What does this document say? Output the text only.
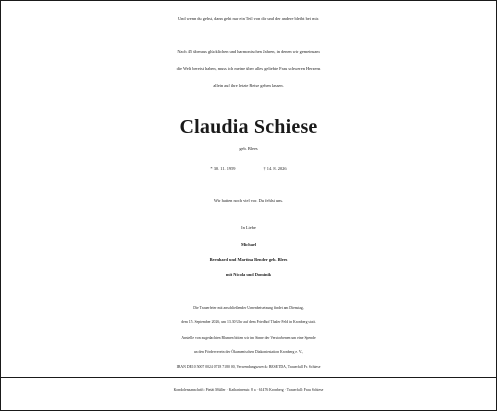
Und wenn du gehst, dann geht nur ein Teil von dir und der andere bleibt bei mir.
Nach 45 überaus glücklichen und harmonischen Jahren, in denen wir gemeinsam
die Welt bereist haben, muss ich meine über alles geliebte Frau schweren Herzens
allein auf ihre letzte Reise gehen lassen.
Claudia Schiese
geb. Blees
* 30. 11. 1959	† 14. 8. 2026
Wir hatten noch viel vor. Du fehlst uns.
In Liebe
Michael
Bernhard und Martina Bender geb. Blees
mit Nicola und Dominik
Die Trauerfeier mit anschließender Urnenbeisetzung findet am Dienstag,
dem 15. September 2026, um 13.30 Uhr auf dem Friedhof Thaler Feld in Kronberg statt.
Anstelle von zugedachten Blumen bitten wir im Sinne der Verstorbenen um eine Spende
an den Förderverein der Ökumenischen Diakoniestation Kronberg e. V.,
IBAN DE10 5007 0024 0718 7180 00, Verwendungszweck: BESETDA, Trauerfall Fr. Schiese
Kondolenzanschrift: Pietät Müller · Katharinenstr. 8 a · 61476 Kronberg · Trauerfall: Frau Schiese
